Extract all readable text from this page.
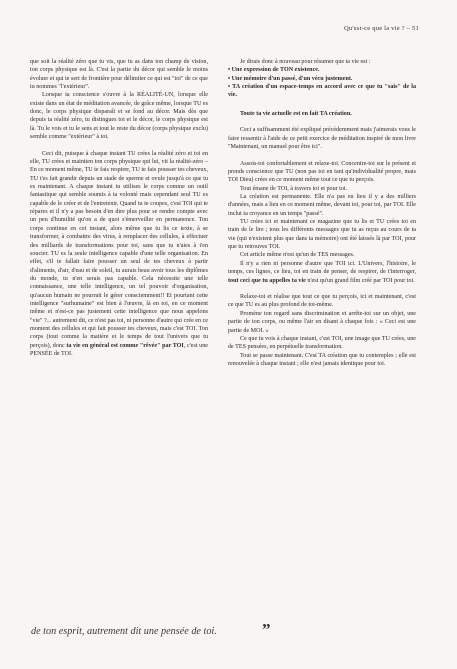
Qu'est-ce que la vie ? – 51

que soit la réalité zéro que tu vis, que tu as dans ton champ de vision, ton corps physique est là. C'est la partie du décor qui semble le moins évoluer et qui te sert de frontière pour délimiter ce qui est "toi" de ce que tu nommes "l'extérieur".

Lorsque ta conscience s'ouvre à la RÉALITÉ-UN, lorsque elle existe dans un état de méditation avancée, de grâce même, lorsque TU es donc, le corps physique disparaît et se fond au décor. Mais dès que depuis ta réalité zéro, tu distingues toi et le décor, le corps physique est là. Tu le vois et tu le sens et tout le reste du décor (corps physique exclu) semble comme "extérieur" à toi.

Ceci dit, puisque à chaque instant TU crées la réalité zéro et toi en elle, TU crées et maintien ton corps physique qui lui, vit la réalité-zéro – En ce moment même, TU te fais respirer, TU te fais pousser tes cheveux, TU t'es fait grandir depuis un stade de sperme et ovule jusqu'à ce que tu es maintenant. A chaque instant tu utilises le corps comme un outil fantastique qui semble soumis à ta volonté mais cependant seul TU es capable de le créer et de l'entretenir. Quand tu te coupes, c'est TOI qui te répares et il n'y a pas besoin d'en dire plus pour se rendre compte avec un peu d'humilité qu'on a de quoi s'émerveiller en permanence. Ton corps continue en cet instant, alors même que tu lis ce texte, à se transformer, à combattre des virus, à remplacer des cellules, à effectuer des milliards de transformations pour toi, sans que tu n'aies à t'en soucier. TU es la seule intelligence capable d'une telle organisation. En effet, s'il te fallait faire pousser un seul de tes cheveux à partir d'aliments, d'air, d'eau et de soleil, tu aurais beau avoir tous les diplômes du monde, tu n'en serais pas capable. Cela nécessite une telle connaissance, une telle intelligence, un tel pouvoir d'organisation, qu'aucun humain ne pourrait le gérer consciemment!! Et pourtant cette intelligence "surhumaine" est bien à l'œuvre, là en toi, en ce moment même et n'est-ce pas justement cette intelligence que nous appelons "vie" ?... autrement dit, ce n'est pas toi, ni personne d'autre qui crée en ce moment des cellules et qui fait pousser tes cheveux, mais c'est TOI. Ton corps (tout comme la matière et le temps de tout l'univers que tu perçois), donc ta vie en général est comme "rêvée" par TOI, c'est une PENSÉE de TOI.

Je dirais donc à nouveau pour résumer que ta vie est :

• Une expression de TON existence.

• Une mémoire d'un passé, d'un vécu justement.

• TA création d'un espace-temps en accord avec ce que tu "sais" de la vie.

Toute ta vie actuelle est en fait TA création.

Ceci a suffisamment été expliqué précédemment mais j'aimerais vous le faire ressentir à l'aide de ce petit exercice de méditation inspiré de mon livre "Maintenant, un manuel pour être ici".

Assois-toi confortablement et relaxe-toi. Concentre-toi sur le présent et prends conscience que TU (non pas toi en tant qu'individualité propre, mais TOI Dieu) crées en ce moment même tout ce que tu perçois.

Tout émane de TOI, à travers toi et pour toi.

La création est permanente. Elle n'a pas eu lieu il y a des milliers d'années, mais a lieu en ce moment même, devant toi, pour toi, par TOI. Elle inclut ta croyance en un temps "passé".

TU crées ici et maintenant ce magazine que tu lis et TU crées toi en train de le lire ; tous les différents messages que tu as reçus au cours de ta vie (qui n'existent plus que dans ta mémoire) ont été laissés là par TOI, pour que tu retrouves TOI.

Cet article même n'est qu'un de TES messages.

Il n'y a rien ni personne d'autre que TOI ici. L'Univers, l'histoire, le temps, ces lignes, ce lieu, toi en train de penser, de respirer, de t'interroger, tout ceci que tu appelles ta vie n'est qu'un grand film créé par TOI pour toi.

Relaxe-toi et réalise que tout ce que tu perçois, ici et maintenant, c'est ce que TU es au plus profond de toi-même.

Promène ton regard sans discrimination et arrête-toi sur un objet, une partie de ton corps, ou même l'air en disant à chaque fois : « Ceci est une partie de MOI. »

Ce que tu vois à chaque instant, c'est TOI, une image que TU crées, une de TES pensées, en perpétuelle transformation.

Tout se passe maintenant. C'est TA création que tu contemples ; elle est renouvelée à chaque instant ; elle n'est jamais identique pour toi.

de ton esprit, autrement dit une pensée de toi.	”
